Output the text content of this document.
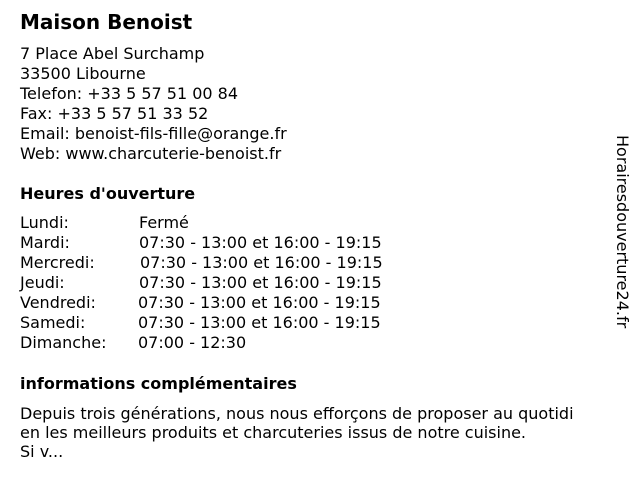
Maison Benoist
7 Place Abel Surchamp
33500 Libourne
Telefon: +33 5 57 51 00 84
Fax: +33 5 57 51 33 52
Email: benoist-fils-fille@orange.fr
Web: www.charcuterie-benoist.fr
Heures d'ouverture
Lundi:	Fermé
Mardi:	07:30 - 13:00 et 16:00 - 19:15
Mercredi:	07:30 - 13:00 et 16:00 - 19:15
Jeudi:	07:30 - 13:00 et 16:00 - 19:15
Vendredi:	07:30 - 13:00 et 16:00 - 19:15
Samedi:	07:30 - 13:00 et 16:00 - 19:15
Dimanche: 07:00 - 12:30
informations complémentaires
Depuis trois générations, nous nous efforçons de proposer au quotidi
en les meilleurs produits et charcuteries issus de notre cuisine.
Si v...
Horairesdouverture24.fr
